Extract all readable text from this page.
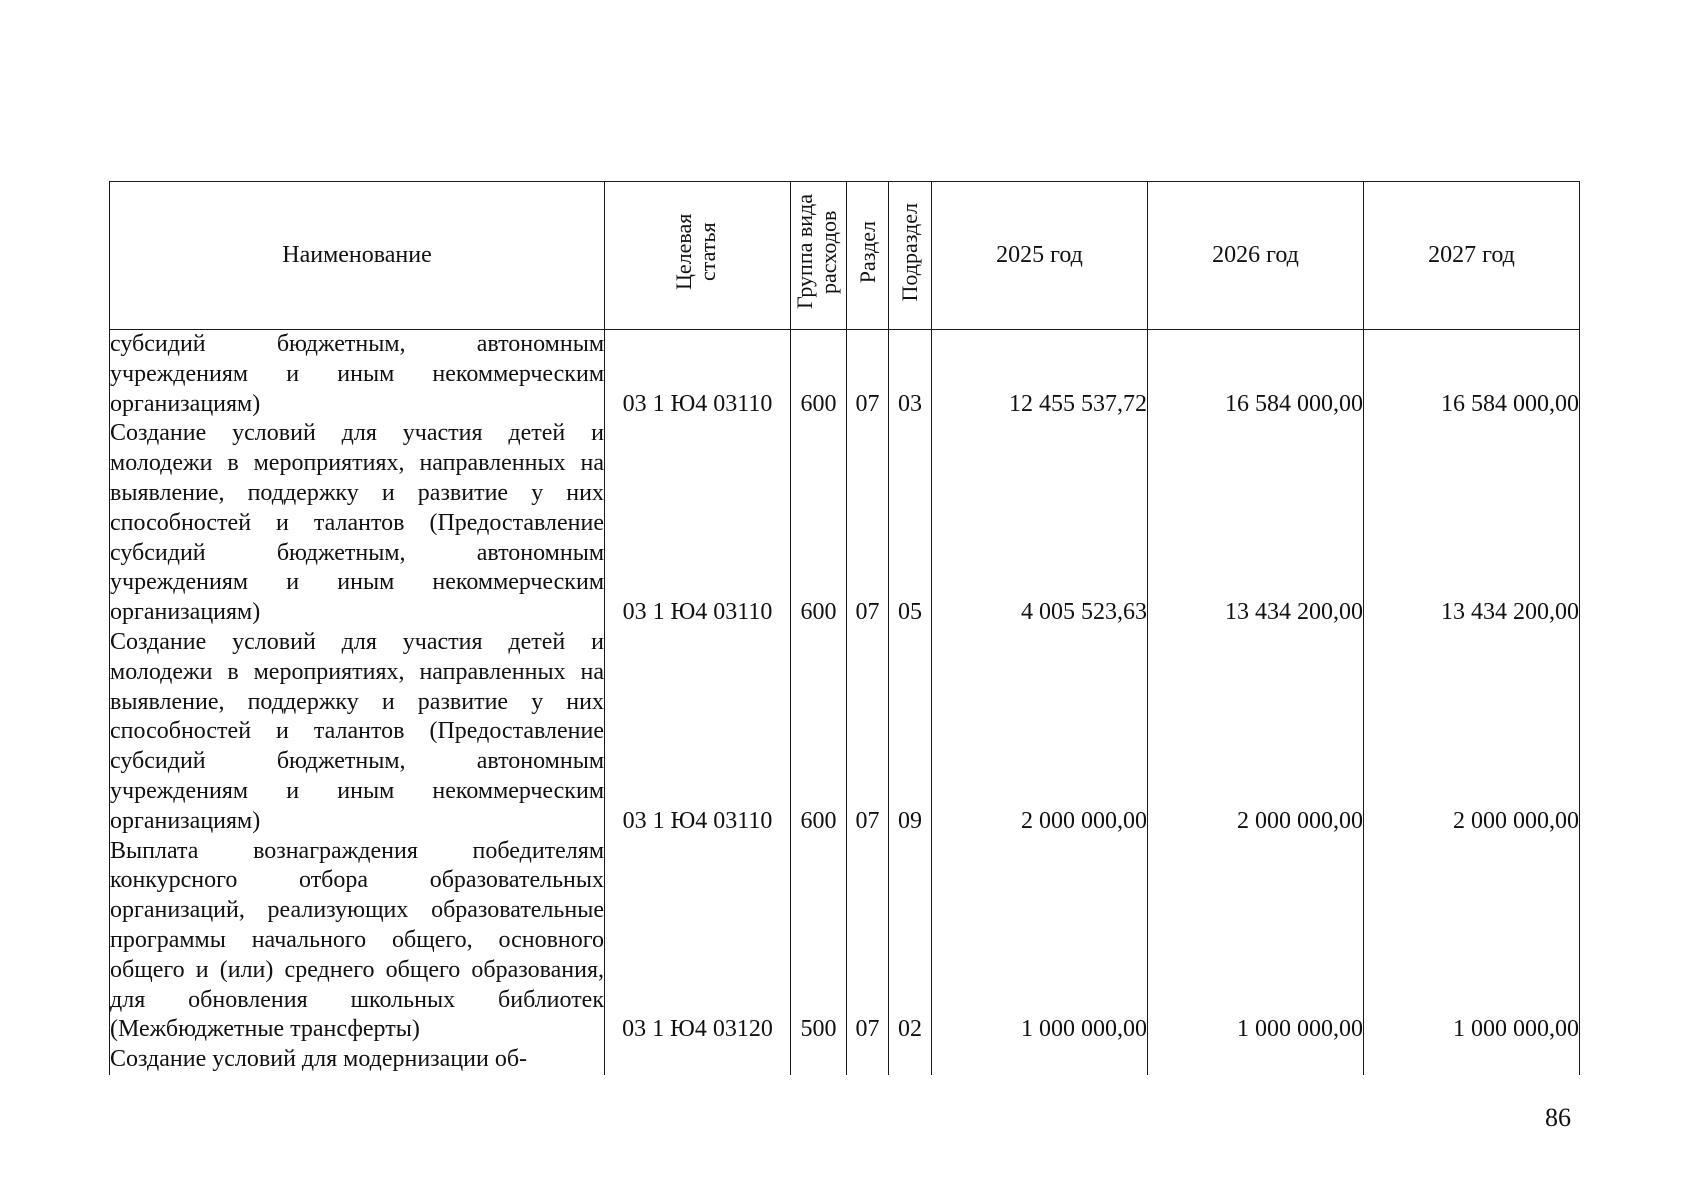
Наименование	Целевая статья	Группа вида расходов	Раздел	Подраздел	2025 год	2026 год	2027 год
субсидий бюджетным, автономным учреждениям и иным некоммерческим организациям)	03 1 Ю4 03110	600	07	03	12 455 537,72	16 584 000,00	16 584 000,00
Создание условий для участия детей и молодежи в мероприятиях, направленных на выявление, поддержку и развитие у них способностей и талантов (Предоставление субсидий бюджетным, автономным учреждениям и иным некоммерческим организациям)	03 1 Ю4 03110	600	07	05	4 005 523,63	13 434 200,00	13 434 200,00
Создание условий для участия детей и молодежи в мероприятиях, направленных на выявление, поддержку и развитие у них способностей и талантов (Предоставление субсидий бюджетным, автономным учреждениям и иным некоммерческим организациям)	03 1 Ю4 03110	600	07	09	2 000 000,00	2 000 000,00	2 000 000,00
Выплата вознаграждения победителям конкурсного отбора образовательных организаций, реализующих образовательные программы начального общего, основного общего и (или) среднего общего образования, для обновления школьных библиотек (Межбюджетные трансферты)	03 1 Ю4 03120	500	07	02	1 000 000,00	1 000 000,00	1 000 000,00
Создание условий для модернизации об-							
86
